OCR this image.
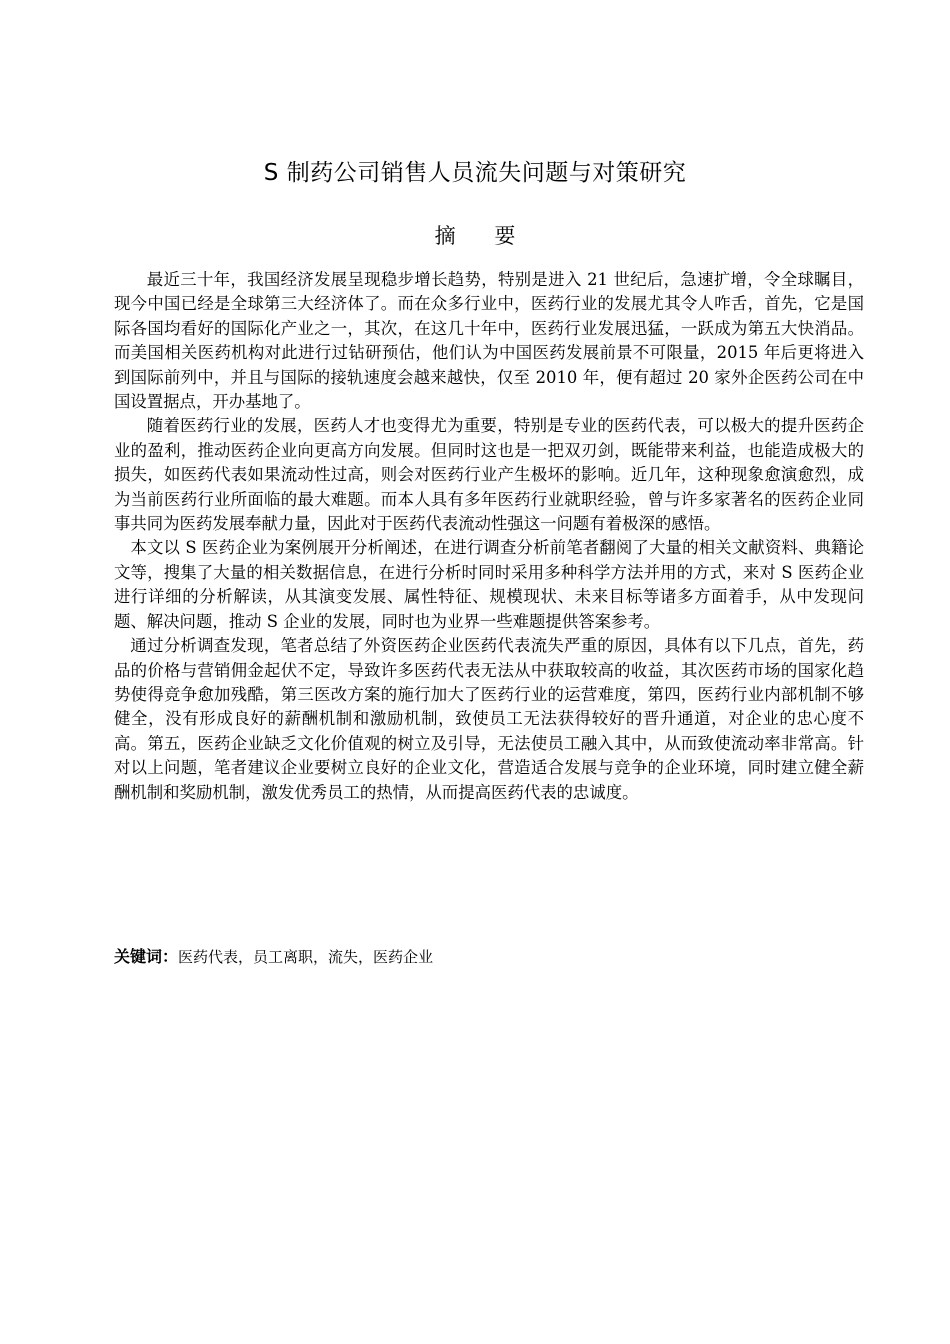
S 制药公司销售人员流失问题与对策研究
摘 要

最近三十年，我国经济发展呈现稳步增长趋势，特别是进入 21 世纪后，急速扩增，令全球瞩目，现今中国已经是全球第三大经济体了。而在众多行业中，医药行业的发展尤其令人咋舌，首先，它是国际各国均看好的国际化产业之一，其次，在这几十年中，医药行业发展迅猛，一跃成为第五大快消品。而美国相关医药机构对此进行过钻研预估，他们认为中国医药发展前景不可限量，2015 年后更将进入到国际前列中，并且与国际的接轨速度会越来越快，仅至 2010 年，便有超过 20 家外企医药公司在中国设置据点，开办基地了。

随着医药行业的发展，医药人才也变得尤为重要，特别是专业的医药代表，可以极大的提升医药企业的盈利，推动医药企业向更高方向发展。但同时这也是一把双刃剑，既能带来利益，也能造成极大的损失，如医药代表如果流动性过高，则会对医药行业产生极坏的影响。近几年，这种现象愈演愈烈，成为当前医药行业所面临的最大难题。而本人具有多年医药行业就职经验，曾与许多家著名的医药企业同事共同为医药发展奉献力量，因此对于医药代表流动性强这一问题有着极深的感悟。

本文以 S 医药企业为案例展开分析阐述，在进行调查分析前笔者翻阅了大量的相关文献资料、典籍论文等，搜集了大量的相关数据信息，在进行分析时同时采用多种科学方法并用的方式，来对 S 医药企业进行详细的分析解读，从其演变发展、属性特征、规模现状、未来目标等诸多方面着手，从中发现问题、解决问题，推动 S 企业的发展，同时也为业界一些难题提供答案参考。

通过分析调查发现，笔者总结了外资医药企业医药代表流失严重的原因，具体有以下几点，首先，药品的价格与营销佣金起伏不定，导致许多医药代表无法从中获取较高的收益，其次医药市场的国家化趋势使得竞争愈加残酷，第三医改方案的施行加大了医药行业的运营难度，第四，医药行业内部机制不够健全，没有形成良好的薪酬机制和激励机制，致使员工无法获得较好的晋升通道，对企业的忠心度不高。第五，医药企业缺乏文化价值观的树立及引导，无法使员工融入其中，从而致使流动率非常高。针对以上问题，笔者建议企业要树立良好的企业文化，营造适合发展与竞争的企业环境，同时建立健全薪酬机制和奖励机制，激发优秀员工的热情，从而提高医药代表的忠诚度。

关键词：医药代表，员工离职，流失，医药企业
